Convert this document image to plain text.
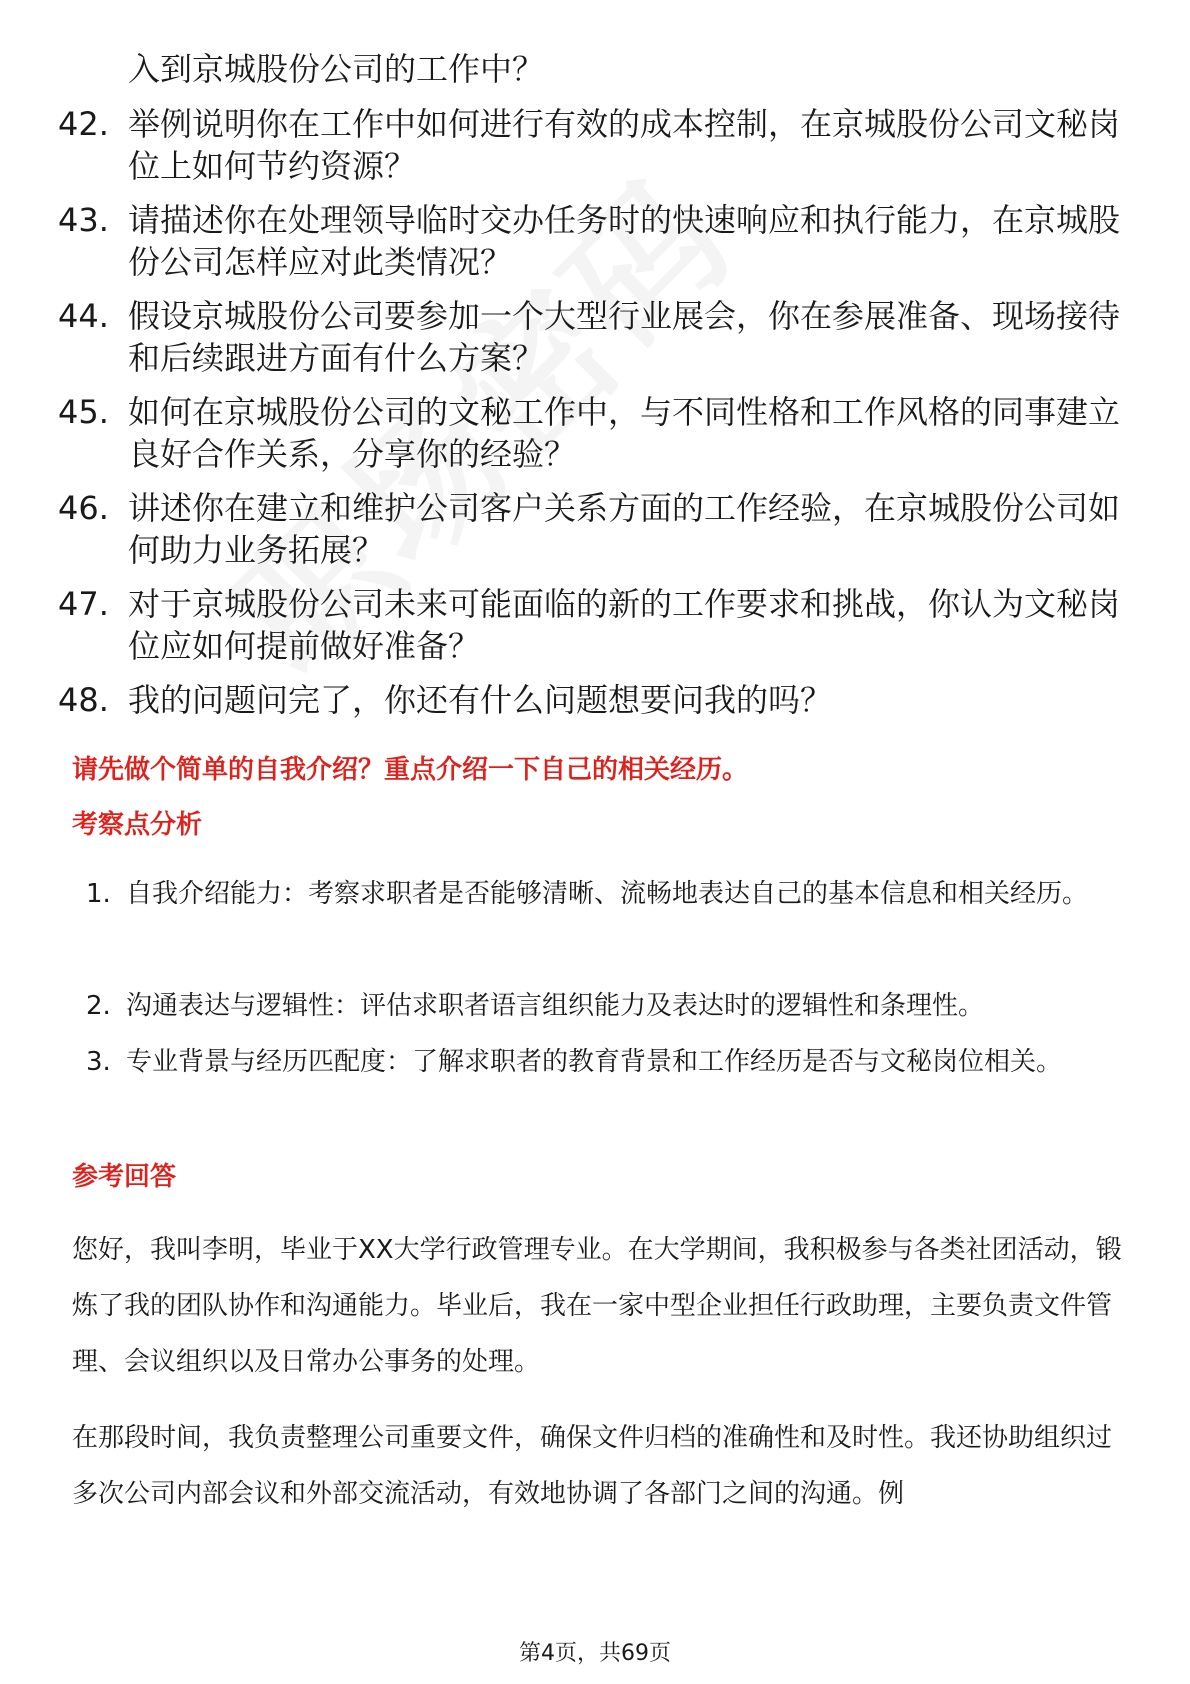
入到京城股份公司的工作中？
42. 举例说明你在工作中如何进行有效的成本控制，在京城股份公司文秘岗位上如何节约资源？
43. 请描述你在处理领导临时交办任务时的快速响应和执行能力，在京城股份公司怎样应对此类情况？
44. 假设京城股份公司要参加一个大型行业展会，你在参展准备、现场接待和后续跟进方面有什么方案？
45. 如何在京城股份公司的文秘工作中，与不同性格和工作风格的同事建立良好合作关系，分享你的经验？
46. 讲述你在建立和维护公司客户关系方面的工作经验，在京城股份公司如何助力业务拓展？
47. 对于京城股份公司未来可能面临的新的工作要求和挑战，你认为文秘岗位应如何提前做好准备？
48. 我的问题问完了，你还有什么问题想要问我的吗？
请先做个简单的自我介绍？重点介绍一下自己的相关经历。
考察点分析
1. 自我介绍能力：考察求职者是否能够清晰、流畅地表达自己的基本信息和相关经历。
2. 沟通表达与逻辑性：评估求职者语言组织能力及表达时的逻辑性和条理性。
3. 专业背景与经历匹配度：了解求职者的教育背景和工作经历是否与文秘岗位相关。
参考回答
您好，我叫李明，毕业于XX大学行政管理专业。在大学期间，我积极参与各类社团活动，锻炼了我的团队协作和沟通能力。毕业后，我在一家中型企业担任行政助理，主要负责文件管理、会议组织以及日常办公事务的处理。
在那段时间，我负责整理公司重要文件，确保文件归档的准确性和及时性。我还协助组织过多次公司内部会议和外部交流活动，有效地协调了各部门之间的沟通。例
第4页，共69页
